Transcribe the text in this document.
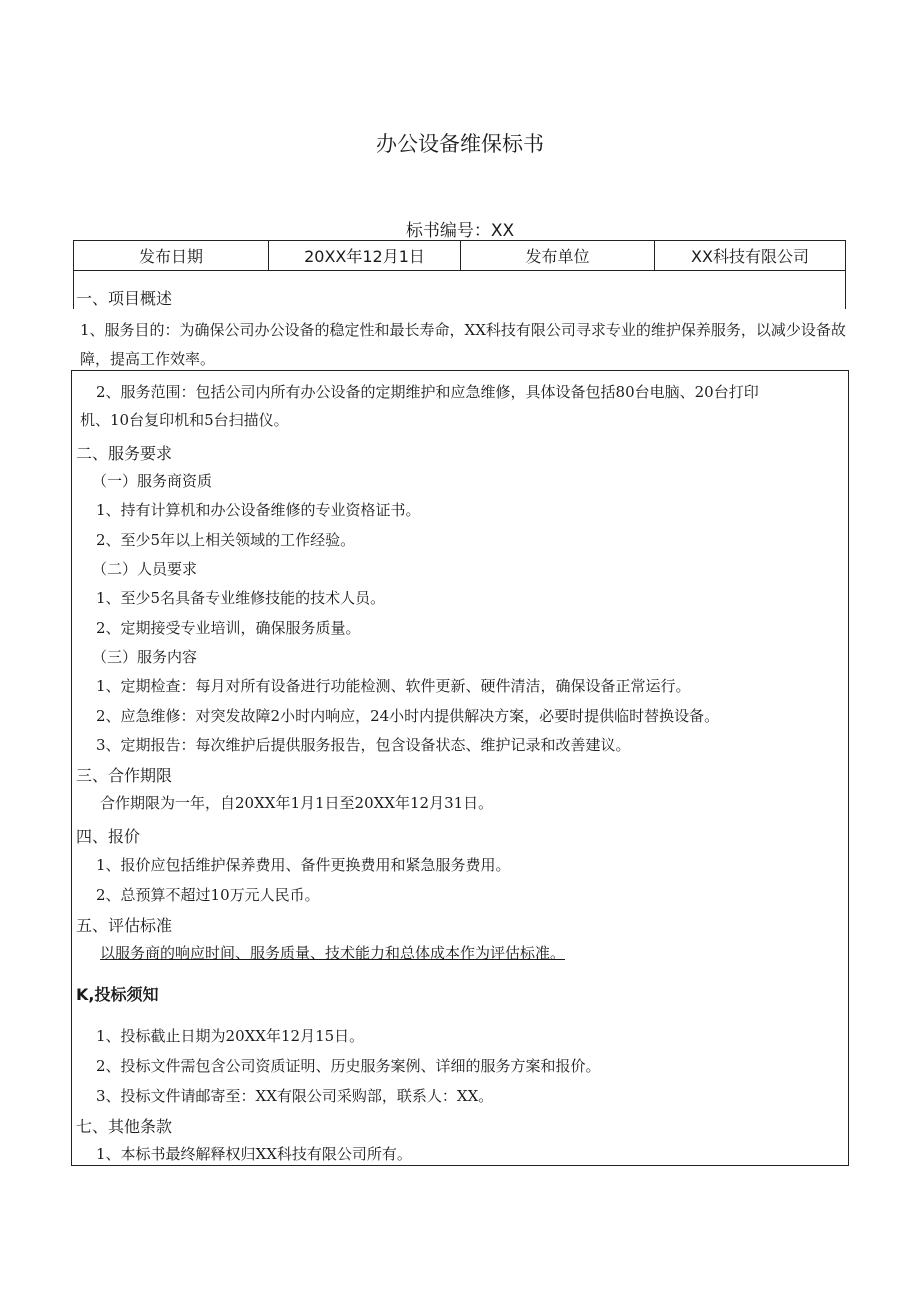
办公设备维保标书
标书编号：XX
发布日期	20XX年12月1日	发布单位	XX科技有限公司
一、项目概述
1、服务目的：为确保公司办公设备的稳定性和最长寿命，XX科技有限公司寻求专业的维护保养服务，以减少设备故障，提高工作效率。
2、服务范围：包括公司内所有办公设备的定期维护和应急维修，具体设备包括80台电脑、20台打印
机、10台复印机和5台扫描仪。
二、服务要求
（一）服务商资质
1、持有计算机和办公设备维修的专业资格证书。
2、至少5年以上相关领域的工作经验。
（二）人员要求
1、至少5名具备专业维修技能的技术人员。
2、定期接受专业培训，确保服务质量。
（三）服务内容
1、定期检查：每月对所有设备进行功能检测、软件更新、硬件清洁，确保设备正常运行。
2、应急维修：对突发故障2小时内响应，24小时内提供解决方案，必要时提供临时替换设备。
3、定期报告：每次维护后提供服务报告，包含设备状态、维护记录和改善建议。
三、合作期限
合作期限为一年，自20XX年1月1日至20XX年12月31日。
四、报价
1、报价应包括维护保养费用、备件更换费用和紧急服务费用。
2、总预算不超过10万元人民币。
五、评估标准
以服务商的响应时间、服务质量、技术能力和总体成本作为评估标准。
K,投标须知
1、投标截止日期为20XX年12月15日。
2、投标文件需包含公司资质证明、历史服务案例、详细的服务方案和报价。
3、投标文件请邮寄至：XX有限公司采购部，联系人：XX。
七、其他条款
1、本标书最终解释权归XX科技有限公司所有。
